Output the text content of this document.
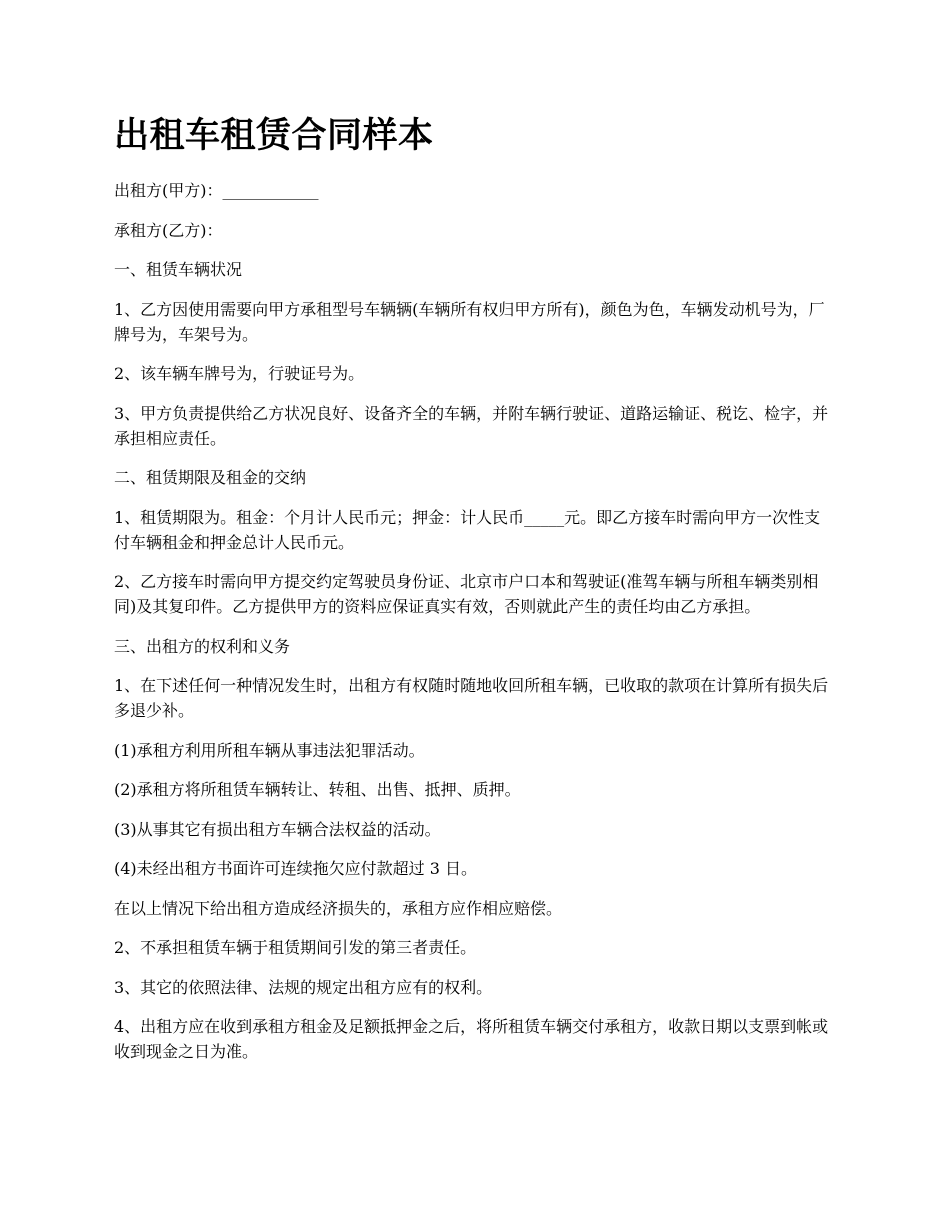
出租车租赁合同样本

出租方(甲方)：____________

承租方(乙方)：

一、租赁车辆状况

1、乙方因使用需要向甲方承租型号车辆辆(车辆所有权归甲方所有)，颜色为色，车辆发动机号为，厂牌号为，车架号为。

2、该车辆车牌号为，行驶证号为。

3、甲方负责提供给乙方状况良好、设备齐全的车辆，并附车辆行驶证、道路运输证、税讫、检字，并承担相应责任。

二、租赁期限及租金的交纳

1、租赁期限为。租金：个月计人民币元；押金：计人民币_____元。即乙方接车时需向甲方一次性支付车辆租金和押金总计人民币元。

2、乙方接车时需向甲方提交约定驾驶员身份证、北京市户口本和驾驶证(准驾车辆与所租车辆类别相同)及其复印件。乙方提供甲方的资料应保证真实有效，否则就此产生的责任均由乙方承担。

三、出租方的权利和义务

1、在下述任何一种情况发生时，出租方有权随时随地收回所租车辆，已收取的款项在计算所有损失后多退少补。

(1)承租方利用所租车辆从事违法犯罪活动。

(2)承租方将所租赁车辆转让、转租、出售、抵押、质押。

(3)从事其它有损出租方车辆合法权益的活动。

(4)未经出租方书面许可连续拖欠应付款超过 3 日。

在以上情况下给出租方造成经济损失的，承租方应作相应赔偿。

2、不承担租赁车辆于租赁期间引发的第三者责任。

3、其它的依照法律、法规的规定出租方应有的权利。

4、出租方应在收到承租方租金及足额抵押金之后，将所租赁车辆交付承租方，收款日期以支票到帐或收到现金之日为准。
